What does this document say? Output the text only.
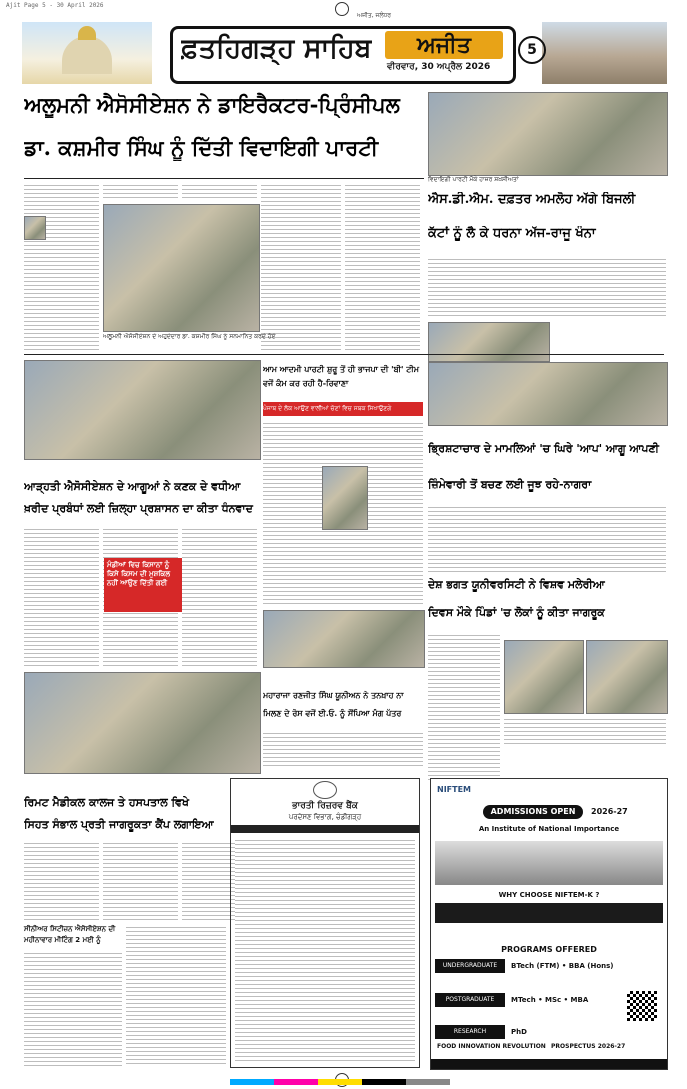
Ajit Page 5 - 30 April 2026
ਫ਼ਤਹਿਗੜ੍ਹ ਸਾਹਿਬ	ਅਜੀਤ
ਵੀਰਵਾਰ, 30 ਅਪ੍ਰੈਲ 2026
ਅਜੀਤ, ਜਲੰਧਰ
5
ਅਲੂਮਨੀ ਐਸੋਸੀਏਸ਼ਨ ਨੇ ਡਾਇਰੈਕਟਰ-ਪ੍ਰਿੰਸੀਪਲ
ਡਾ. ਕਸ਼ਮੀਰ ਸਿੰਘ ਨੂੰ ਦਿੱਤੀ ਵਿਦਾਇਗੀ ਪਾਰਟੀ
ਵਿਦਾਇਗੀ ਪਾਰਟੀ ਮੌਕੇ ਹਾਜ਼ਰ ਸ਼ਖ਼ਸੀਅਤਾਂ
ਅਲੂਮਨੀ ਐਸੋਸੀਏਸ਼ਨ ਦੇ ਅਹੁਦੇਦਾਰ ਡਾ. ਕਸ਼ਮੀਰ ਸਿੰਘ ਨੂੰ ਸਨਮਾਨਿਤ ਕਰਦੇ ਹੋਏ
ਐਸ.ਡੀ.ਐਮ. ਦਫ਼ਤਰ ਅਮਲੋਹ ਅੱਗੇ ਬਿਜਲੀ
ਕੱਟਾਂ ਨੂੰ ਲੈ ਕੇ ਧਰਨਾ ਅੱਜ-ਰਾਜੂ ਖੰਨਾ
ਆੜ੍ਹਤੀ ਐਸੋਸੀਏਸ਼ਨ ਦੇ ਆਗੂਆਂ ਨੇ ਕਣਕ ਦੇ ਵਧੀਆ
ਖ਼ਰੀਦ ਪ੍ਰਬੰਧਾਂ ਲਈ ਜ਼ਿਲ੍ਹਾ ਪ੍ਰਸ਼ਾਸਨ ਦਾ ਕੀਤਾ ਧੰਨਵਾਦ
ਮੰਡੀਆਂ ਵਿਚ ਕਿਸਾਨਾਂ ਨੂੰ ਕਿਸੇ ਕਿਸਮ ਦੀ ਮੁਸ਼ਕਿਲ ਨਹੀਂ ਆਉਣ ਦਿੱਤੀ ਗਈ
ਆਮ ਆਦਮੀ ਪਾਰਟੀ ਸ਼ੁਰੂ ਤੋਂ ਹੀ ਭਾਜਪਾ ਦੀ 'ਬੀ' ਟੀਮ ਵਜੋਂ ਕੰਮ ਕਰ ਰਹੀ ਹੈ-ਰਿਵਾਣਾ
ਪੰਜਾਬ ਦੇ ਲੋਕ ਆਉਣ ਵਾਲੀਆਂ ਚੋਣਾਂ ਵਿਚ ਸਬਕ ਸਿਖਾਉਣਗੇ
ਭ੍ਰਿਸ਼ਟਾਚਾਰ ਦੇ ਮਾਮਲਿਆਂ 'ਚ ਘਿਰੇ 'ਆਪ' ਆਗੂ ਆਪਣੀ
ਜ਼ਿੰਮੇਵਾਰੀ ਤੋਂ ਬਚਣ ਲਈ ਜੂਝ ਰਹੇ-ਨਾਗਰਾ
ਦੇਸ਼ ਭਗਤ ਯੂਨੀਵਰਸਿਟੀ ਨੇ ਵਿਸ਼ਵ ਮਲੇਰੀਆ
ਦਿਵਸ ਮੌਕੇ ਪਿੰਡਾਂ 'ਚ ਲੋਕਾਂ ਨੂੰ ਕੀਤਾ ਜਾਗਰੂਕ
ਮਹਾਰਾਜਾ ਰਣਜੀਤ ਸਿੰਘ ਯੂਨੀਅਨ ਨੇ ਤਨਖ਼ਾਹ ਨਾ
ਮਿਲਣ ਦੇ ਰੋਸ ਵਜੋਂ ਈ.ਓ. ਨੂੰ ਸੌਂਪਿਆ ਮੰਗ ਪੱਤਰ
ਰਿਮਟ ਮੈਡੀਕਲ ਕਾਲਜ ਤੇ ਹਸਪਤਾਲ ਵਿਖੇ
ਸਿਹਤ ਸੰਭਾਲ ਪ੍ਰਤੀ ਜਾਗਰੂਕਤਾ ਕੈਂਪ ਲਗਾਇਆ
ਸੀਨੀਅਰ ਸਿਟੀਜ਼ਨ ਐਸੋਸੀਏਸ਼ਨ ਦੀ ਮਹੀਨਾਵਾਰ ਮੀਟਿੰਗ 2 ਮਈ ਨੂੰ
ਭਾਰਤੀ ਰਿਜ਼ਰਵ ਬੈਂਕ
ਪਰਦੇਸਣ ਵਿਭਾਗ, ਚੰਡੀਗੜ੍ਹ
NIFTEM
ADMISSIONS OPEN	2026-27
An Institute of National Importance
WHY CHOOSE NIFTEM-K ?
PROGRAMS OFFERED
UNDERGRADUATE	BTech (FTM) • BBA (Hons)
POSTGRADUATE	MTech • MSc • MBA
RESEARCH	PhD
FOOD INNOVATION REVOLUTION PROSPECTUS 2026-27
